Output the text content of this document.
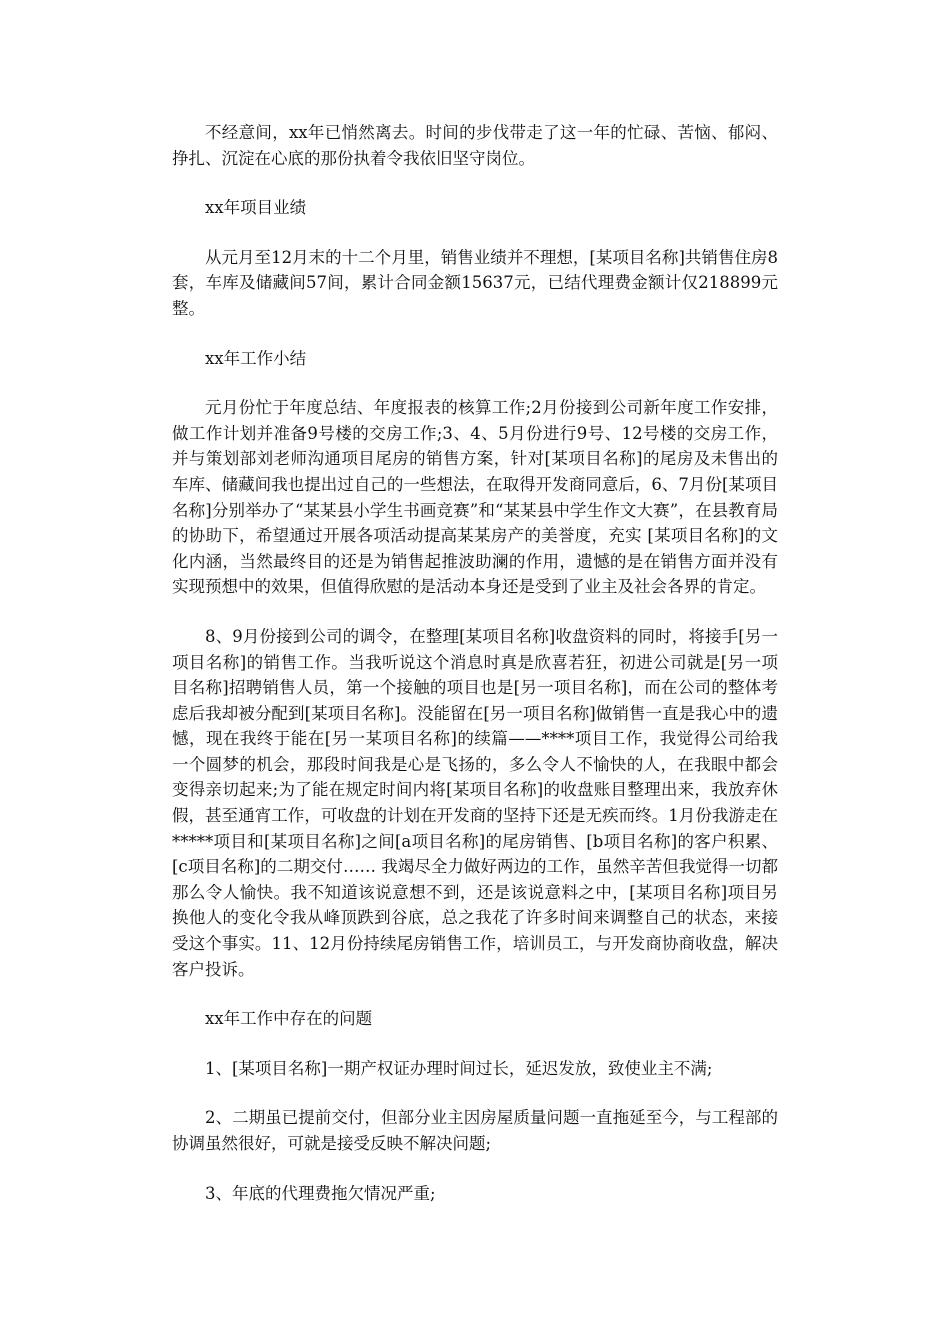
不经意间，xx年已悄然离去。时间的步伐带走了这一年的忙碌、苦恼、郁闷、挣扎、沉淀在心底的那份执着令我依旧坚守岗位。

xx年项目业绩

从元月至12月末的十二个月里，销售业绩并不理想，[某项目名称]共销售住房8套，车库及储藏间57间，累计合同金额15637元，已结代理费金额计仅218899元整。

xx年工作小结

元月份忙于年度总结、年度报表的核算工作;2月份接到公司新年度工作安排，做工作计划并准备9号楼的交房工作;3、4、5月份进行9号、12号楼的交房工作，并与策划部刘老师沟通项目尾房的销售方案，针对[某项目名称]的尾房及未售出的车库、储藏间我也提出过自己的一些想法，在取得开发商同意后，6、7月份[某项目名称]分别举办了“某某县小学生书画竞赛”和“某某县中学生作文大赛”，在县教育局的协助下，希望通过开展各项活动提高某某房产的美誉度，充实 [某项目名称]的文化内涵，当然最终目的还是为销售起推波助澜的作用，遗憾的是在销售方面并没有实现预想中的效果，但值得欣慰的是活动本身还是受到了业主及社会各界的肯定。

8、9月份接到公司的调令，在整理[某项目名称]收盘资料的同时，将接手[另一项目名称]的销售工作。当我听说这个消息时真是欣喜若狂，初进公司就是[另一项目名称]招聘销售人员，第一个接触的项目也是[另一项目名称]，而在公司的整体考虑后我却被分配到[某项目名称]。没能留在[另一项目名称]做销售一直是我心中的遗憾，现在我终于能在[另一某项目名称]的续篇——****项目工作，我觉得公司给我一个圆梦的机会，那段时间我是心是飞扬的，多么令人不愉快的人，在我眼中都会变得亲切起来;为了能在规定时间内将[某项目名称]的收盘账目整理出来，我放弃休假，甚至通宵工作，可收盘的计划在开发商的坚持下还是无疾而终。1月份我游走在*****项目和[某项目名称]之间[a项目名称]的尾房销售、[b项目名称]的客户积累、[c项目名称]的二期交付…… 我竭尽全力做好两边的工作，虽然辛苦但我觉得一切都那么令人愉快。我不知道该说意想不到，还是该说意料之中，[某项目名称]项目另换他人的变化令我从峰顶跌到谷底，总之我花了许多时间来调整自己的状态，来接受这个事实。11、12月份持续尾房销售工作，培训员工，与开发商协商收盘，解决客户投诉。

xx年工作中存在的问题

1、[某项目名称]一期产权证办理时间过长，延迟发放，致使业主不满;

2、二期虽已提前交付，但部分业主因房屋质量问题一直拖延至今，与工程部的协调虽然很好，可就是接受反映不解决问题;

3、年底的代理费拖欠情况严重;
